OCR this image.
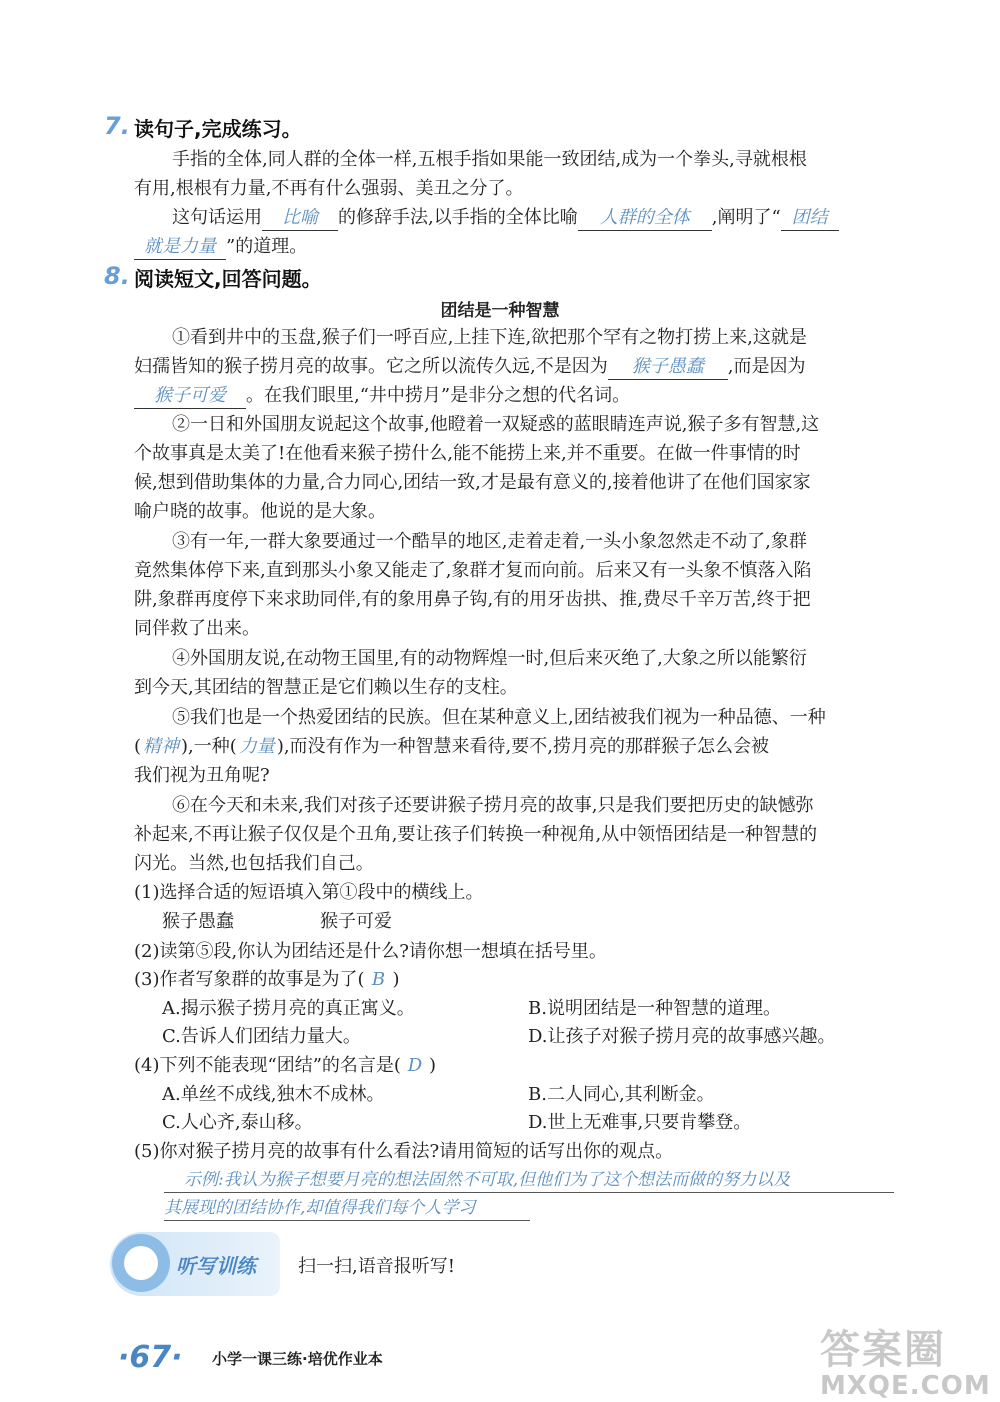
7. 读句子,完成练习。
手指的全体,同人群的全体一样,五根手指如果能一致团结,成为一个拳头,寻就根根
有用,根根有力量,不再有什么强弱、美丑之分了。
这句话运用 比喻 的修辞手法,以手指的全体比喻 人群的全体 ,阐明了“ 团结
就是力量 ”的道理。
8. 阅读短文,回答问题。
团结是一种智慧
①看到井中的玉盘,猴子们一呼百应,上挂下连,欲把那个罕有之物打捞上来,这就是
妇孺皆知的猴子捞月亮的故事。它之所以流传久远,不是因为 猴子愚蠢 ,而是因为
猴子可爱 。在我们眼里,“井中捞月”是非分之想的代名词。
②一日和外国朋友说起这个故事,他瞪着一双疑惑的蓝眼睛连声说,猴子多有智慧,这
个故事真是太美了!在他看来猴子捞什么,能不能捞上来,并不重要。在做一件事情的时
候,想到借助集体的力量,合力同心,团结一致,才是最有意义的,接着他讲了在他们国家家
喻户晓的故事。他说的是大象。
③有一年,一群大象要通过一个酷旱的地区,走着走着,一头小象忽然走不动了,象群
竟然集体停下来,直到那头小象又能走了,象群才复而向前。后来又有一头象不慎落入陷
阱,象群再度停下来求助同伴,有的象用鼻子钩,有的用牙齿拱、推,费尽千辛万苦,终于把
同伴救了出来。
④外国朋友说,在动物王国里,有的动物辉煌一时,但后来灭绝了,大象之所以能繁衍
到今天,其团结的智慧正是它们赖以生存的支柱。
⑤我们也是一个热爱团结的民族。但在某种意义上,团结被我们视为一种品德、一种
( 精神 ),一种( 力量 ),而没有作为一种智慧来看待,要不,捞月亮的那群猴子怎么会被
我们视为丑角呢?
⑥在今天和未来,我们对孩子还要讲猴子捞月亮的故事,只是我们要把历史的缺憾弥
补起来,不再让猴子仅仅是个丑角,要让孩子们转换一种视角,从中领悟团结是一种智慧的
闪光。当然,也包括我们自己。
(1)选择合适的短语填入第①段中的横线上。
猴子愚蠢	猴子可爱
(2)读第⑤段,你认为团结还是什么?请你想一想填在括号里。
(3)作者写象群的故事是为了( B )
A.揭示猴子捞月亮的真正寓义。	B.说明团结是一种智慧的道理。
C.告诉人们团结力量大。	D.让孩子对猴子捞月亮的故事感兴趣。
(4)下列不能表现“团结”的名言是( D )
A.单丝不成线,独木不成林。	B.二人同心,其利断金。
C.人心齐,泰山移。	D.世上无难事,只要肯攀登。
(5)你对猴子捞月亮的故事有什么看法?请用简短的话写出你的观点。
示例:我认为猴子想要月亮的想法固然不可取,但他们为了这个想法而做的努力以及
其展现的团结协作,却值得我们每个人学习
听写训练 扫一扫,语音报听写!
·67· 小学一课三练·培优作业本	答案圈
MXQE.COM
